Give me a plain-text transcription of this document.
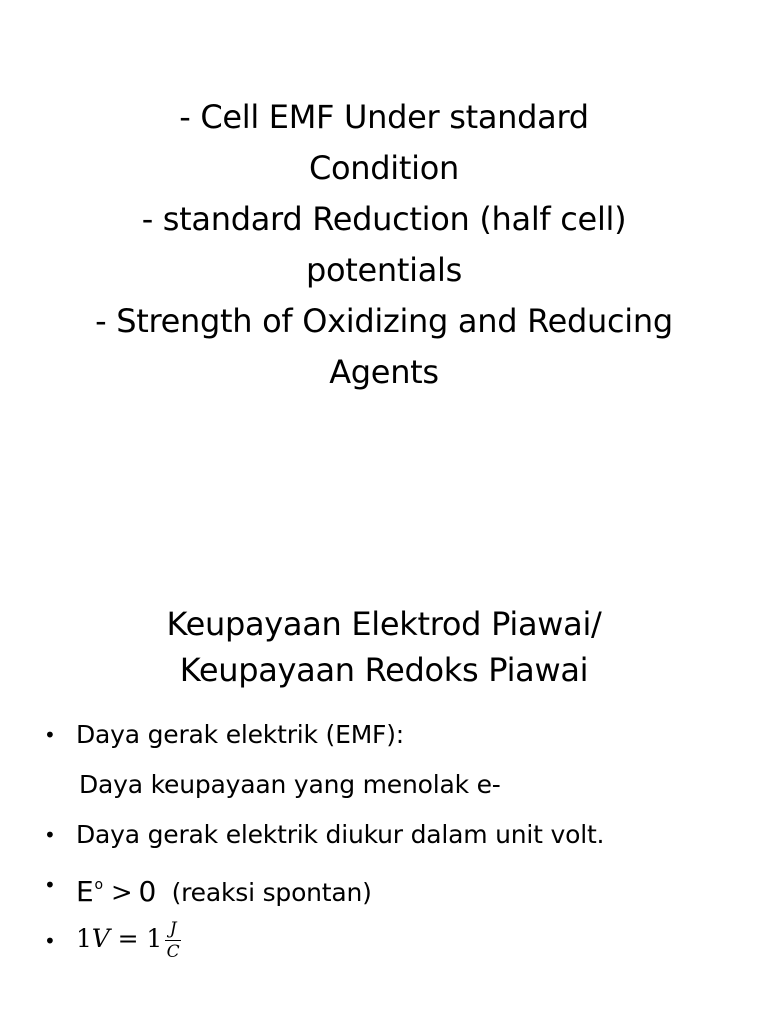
- Cell EMF Under standard
Condition
- standard Reduction (half cell)
potentials
- Strength of Oxidizing and Reducing
Agents
Keupayaan Elektrod Piawai/
Keupayaan Redoks Piawai
• Daya gerak elektrik (EMF):
Daya keupayaan yang menolak e-
• Daya gerak elektrik diukur dalam unit volt.
• $E^o > 0$ (reaksi spontan)
• 1 $V = 1 \frac{J}{C}$
